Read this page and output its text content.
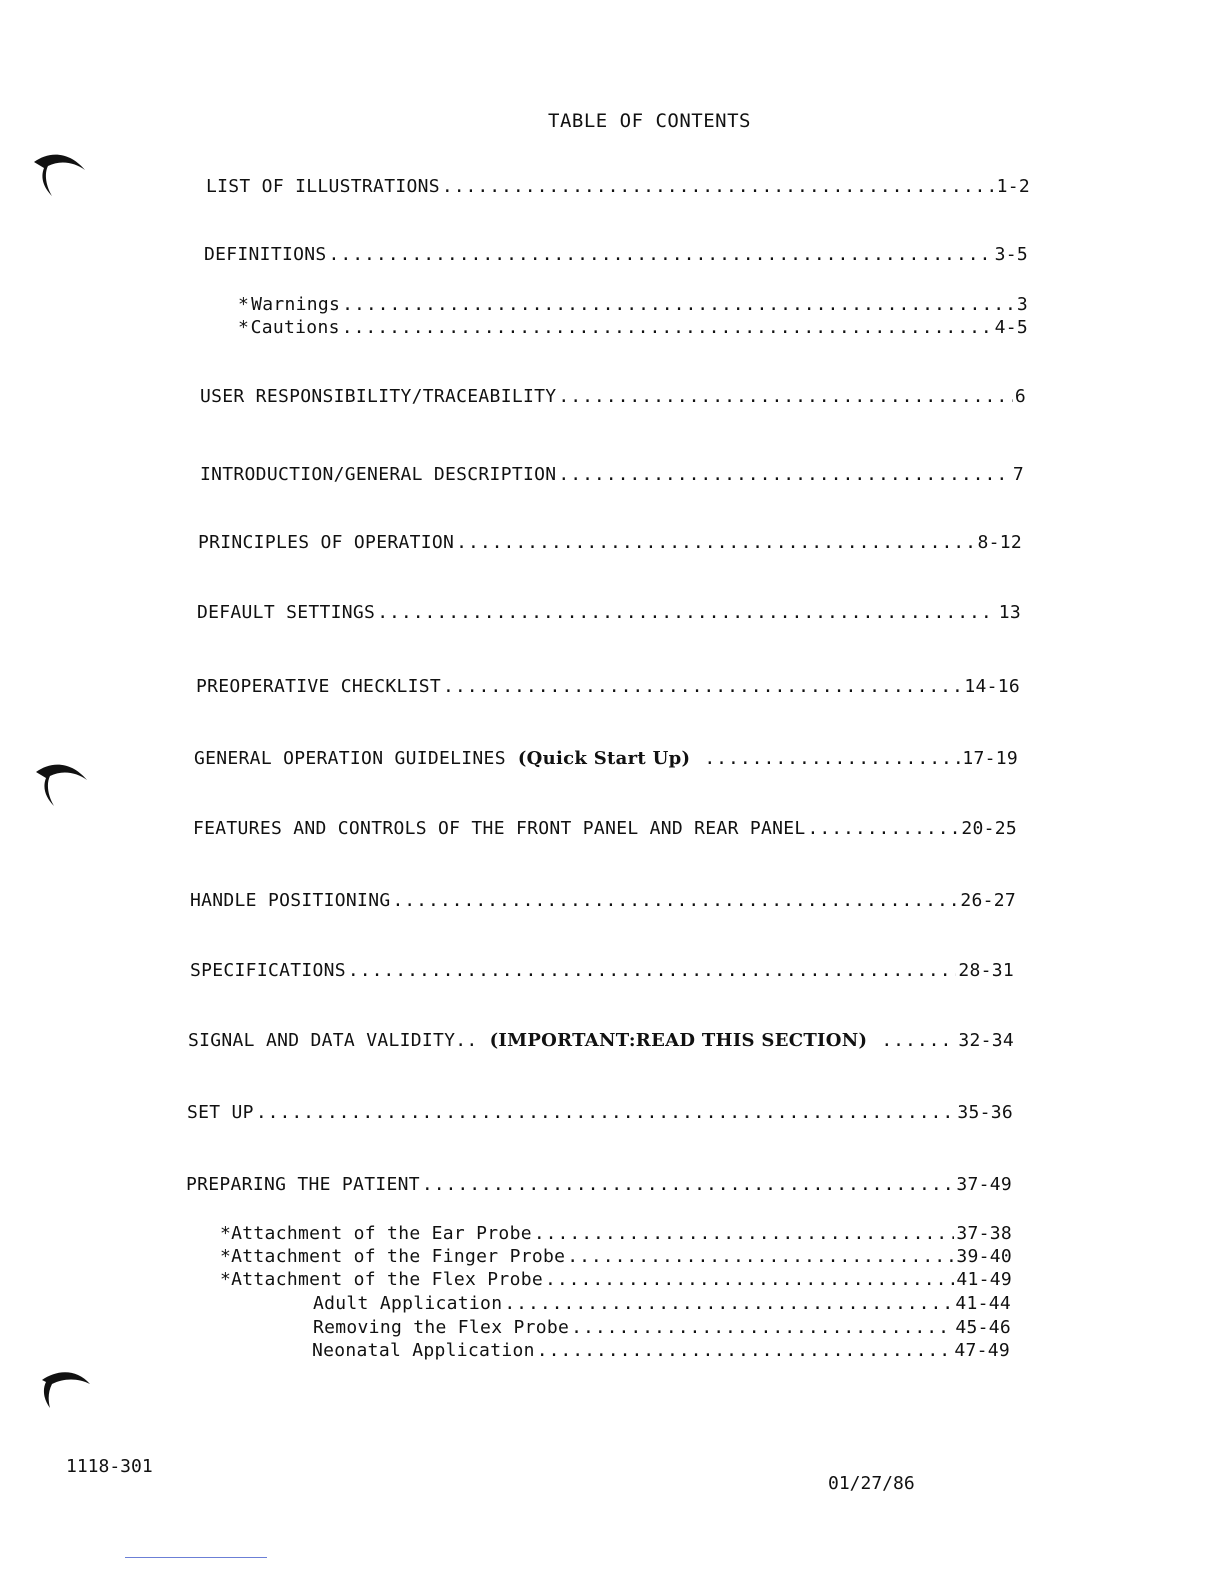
TABLE OF CONTENTS
LIST OF ILLUSTRATIONS .....	1-2
DEFINITIONS .....	3-5
* Warnings .....	3
* Cautions .....	4-5
USER RESPONSIBILITY/TRACEABILITY .....	6
INTRODUCTION/GENERAL DESCRIPTION .....	7
PRINCIPLES OF OPERATION .....	8-12
DEFAULT SETTINGS .....	13
PREOPERATIVE CHECKLIST .....	14-16
GENERAL OPERATION GUIDELINES (Quick Start Up) .....	17-19
FEATURES AND CONTROLS OF THE FRONT PANEL AND REAR PANEL .....	20-25
HANDLE POSITIONING .....	26-27
SPECIFICATIONS .....	28-31
SIGNAL AND DATA VALIDITY.. (IMPORTANT:READ THIS SECTION) .....	32-34
SET UP .....	35-36
PREPARING THE PATIENT .....	37-49
* Attachment of the Ear Probe .....	37-38
* Attachment of the Finger Probe .....	39-40
* Attachment of the Flex Probe .....	41-49
Adult Application .....	41-44
Removing the Flex Probe .....	45-46
Neonatal Application .....	47-49
1118-301
01/27/86
